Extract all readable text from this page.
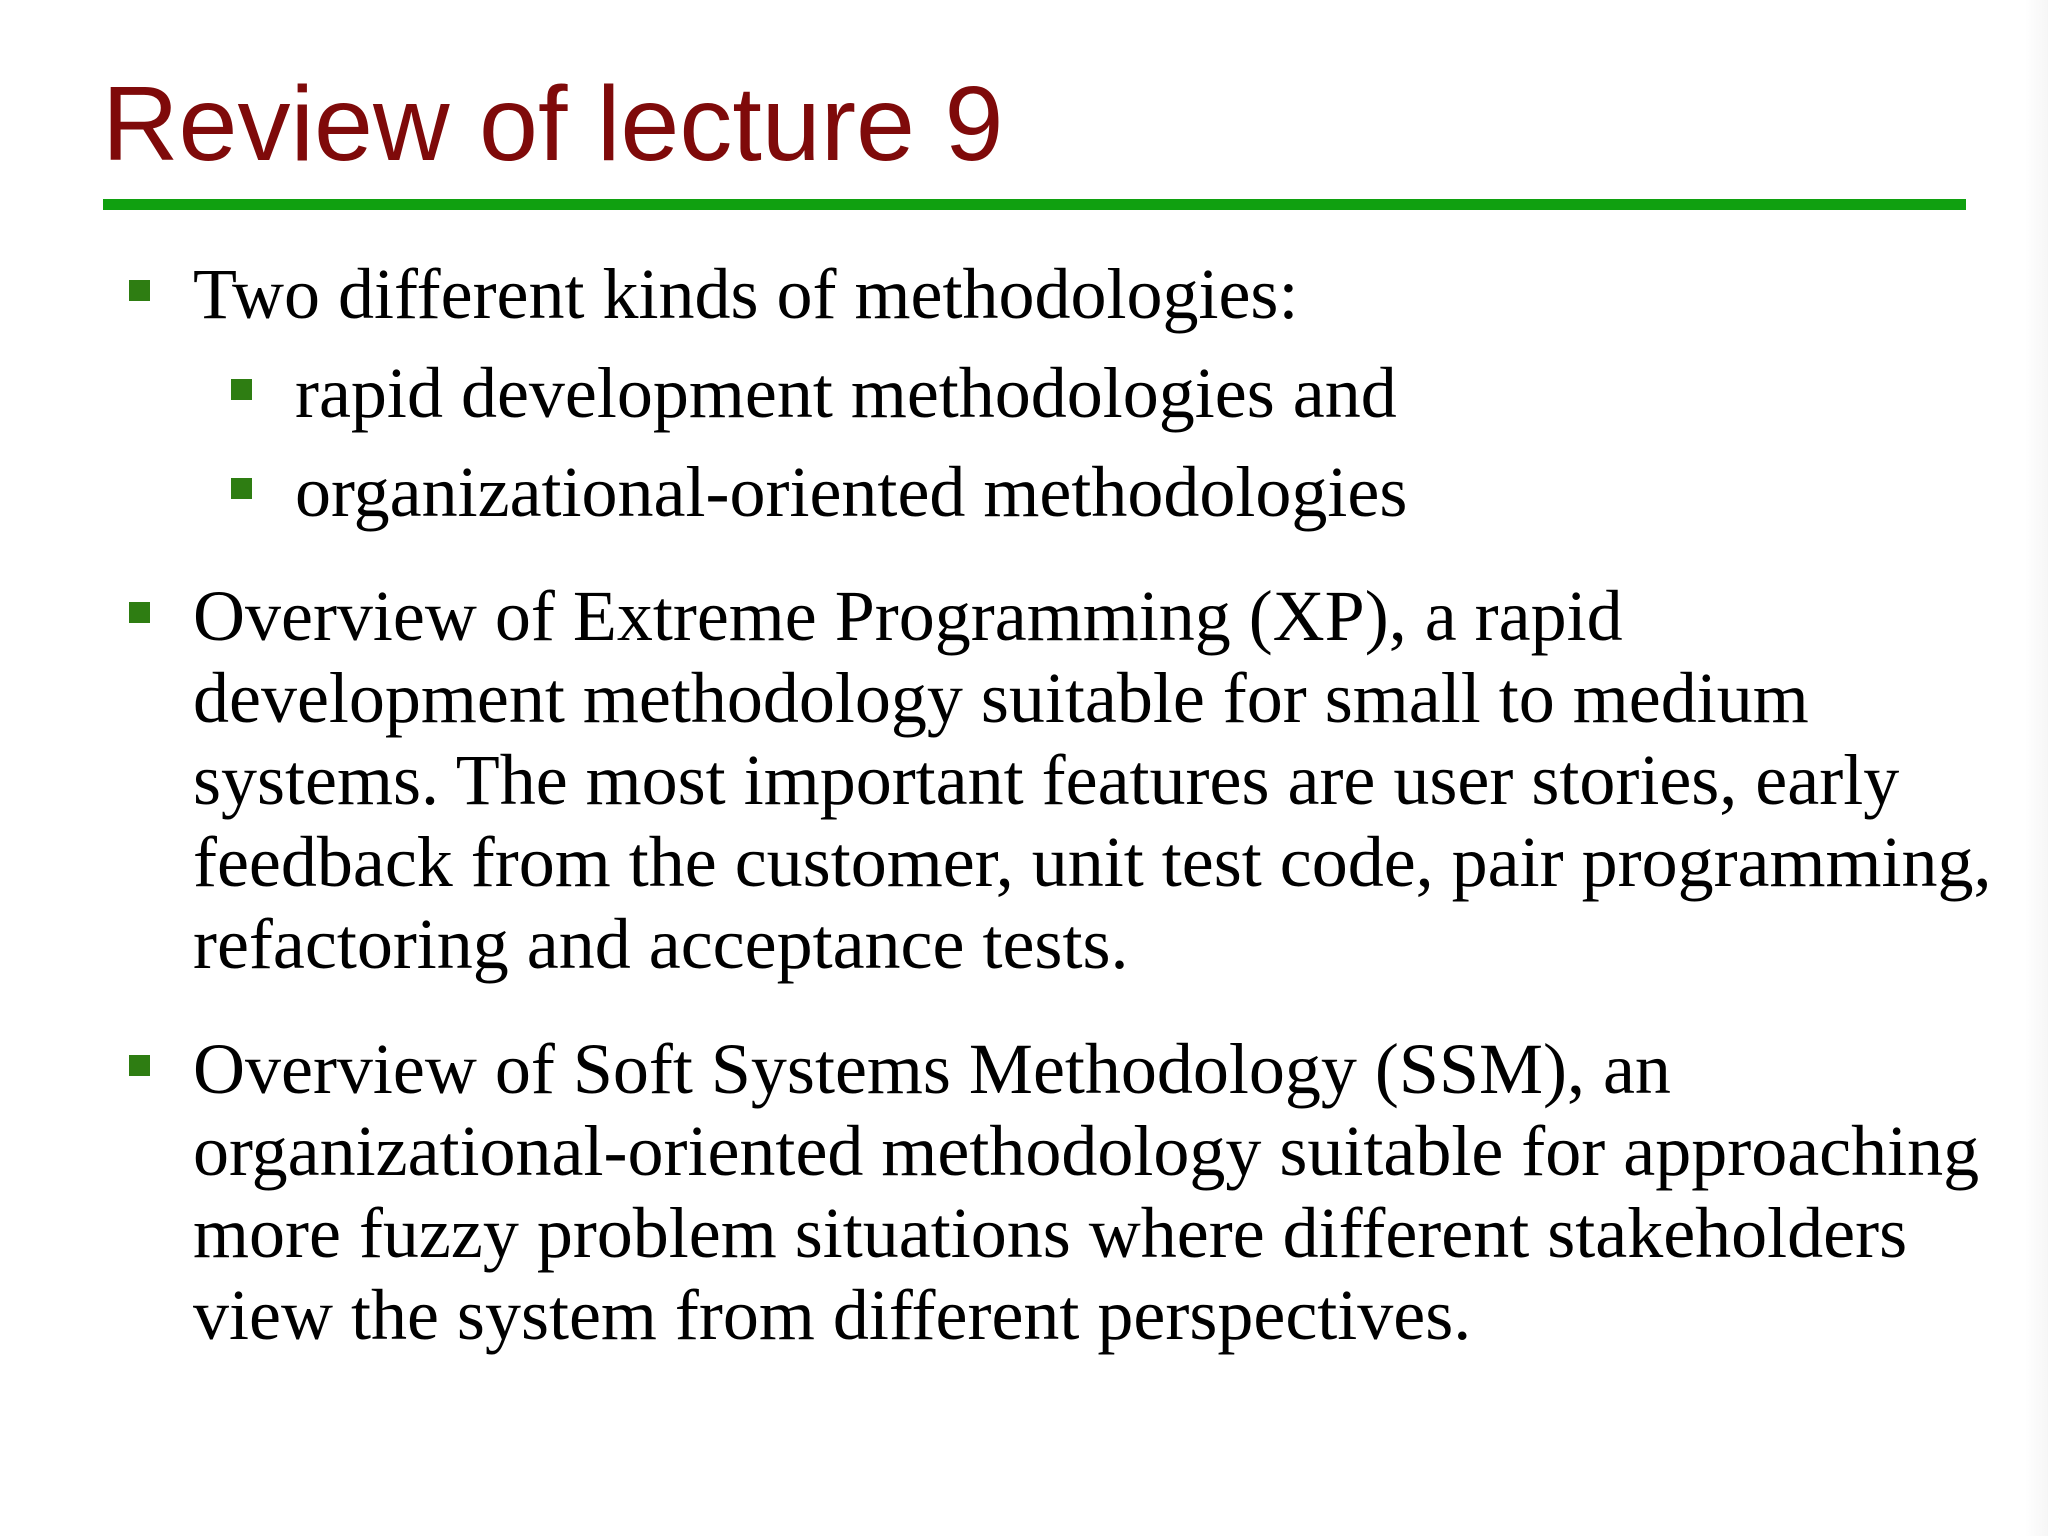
Review of lecture 9
Two different kinds of methodologies:
rapid development methodologies and
organizational-oriented methodologies
Overview of Extreme Programming (XP), a rapid development methodology suitable for small to medium systems. The most important features are user stories, early feedback from the customer, unit test code, pair programming, refactoring and acceptance tests.
Overview of Soft Systems Methodology (SSM), an organizational-oriented methodology suitable for approaching more fuzzy problem situations where different stakeholders view the system from different perspectives.
